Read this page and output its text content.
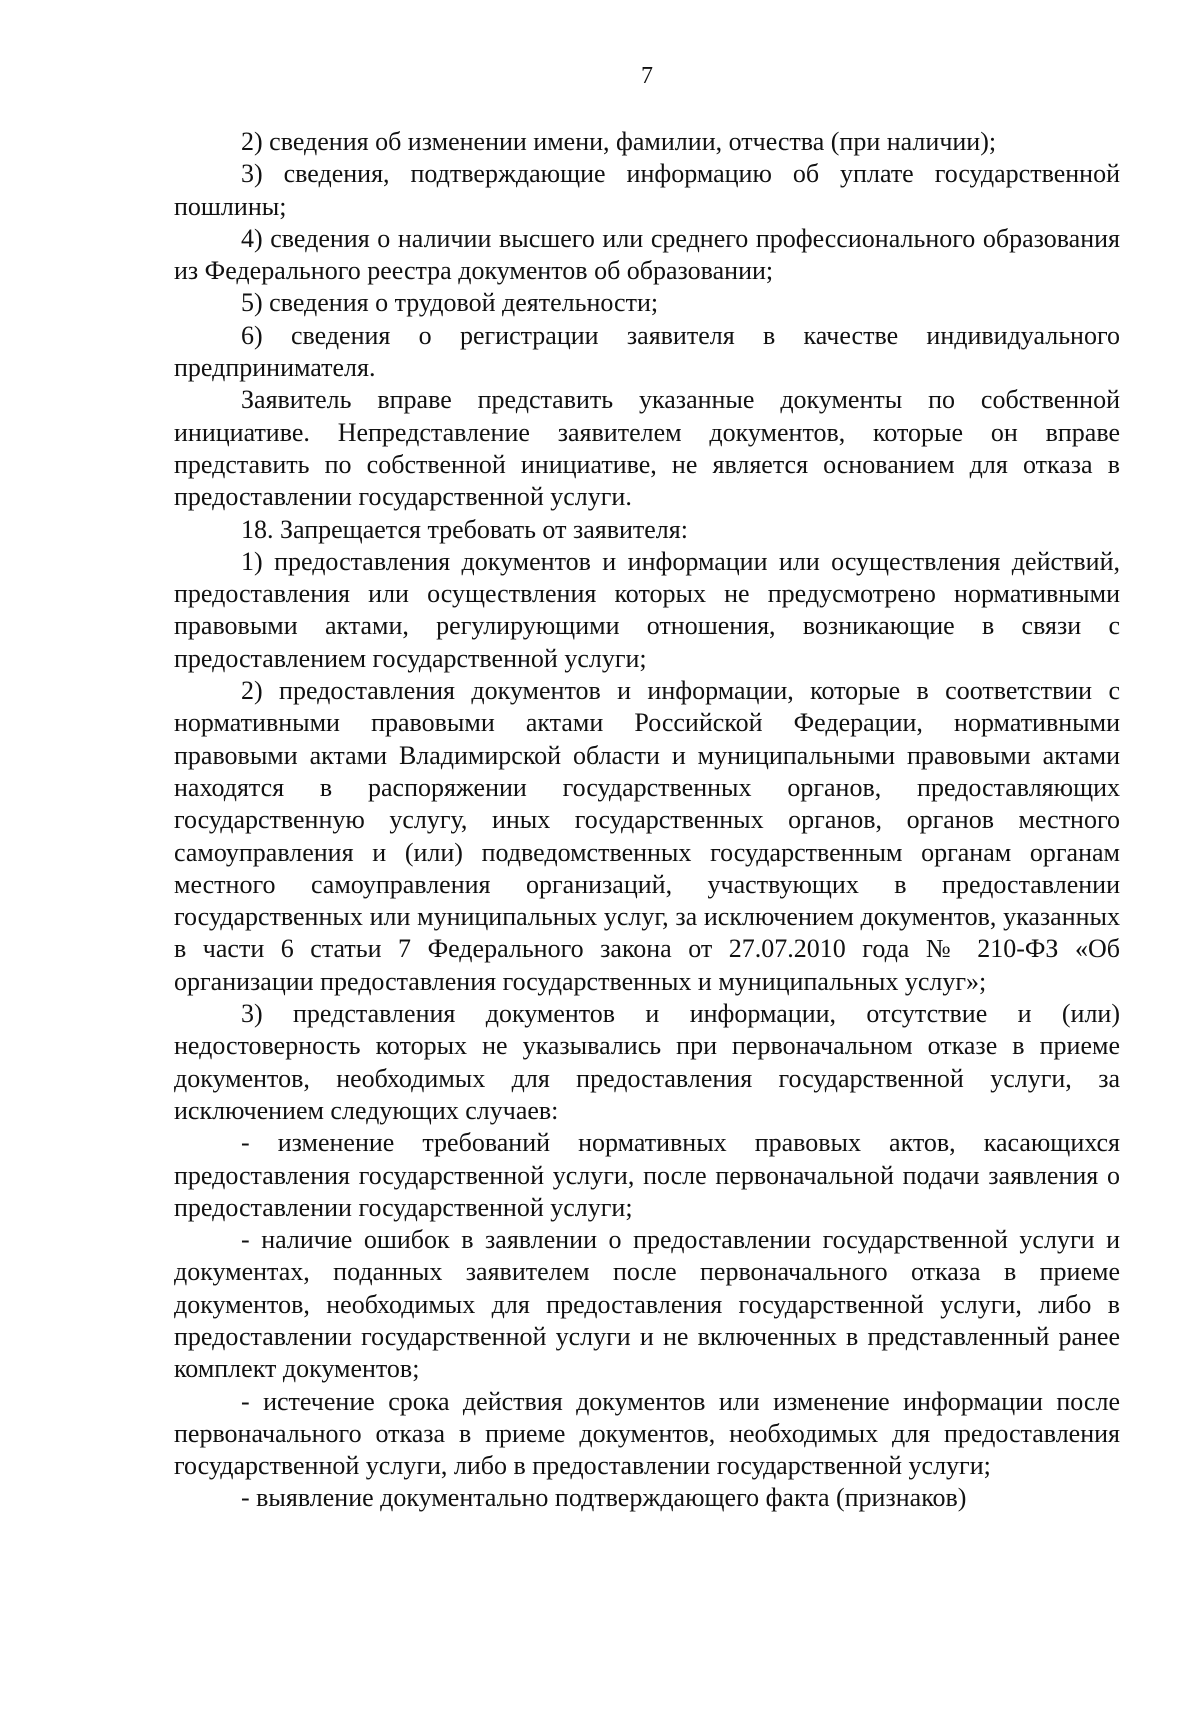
7

2) сведения об изменении имени, фамилии, отчества (при наличии);

3) сведения, подтверждающие информацию об уплате государственной пошлины;

4) сведения о наличии высшего или среднего профессионального образования из Федерального реестра документов об образовании;

5) сведения о трудовой деятельности;

6) сведения о регистрации заявителя в качестве индивидуального предпринимателя.

Заявитель вправе представить указанные документы по собственной инициативе. Непредставление заявителем документов, которые он вправе представить по собственной инициативе, не является основанием для отказа в предоставлении государственной услуги.

18. Запрещается требовать от заявителя:

1) предоставления документов и информации или осуществления действий, предоставления или осуществления которых не предусмотрено нормативными правовыми актами, регулирующими отношения, возникающие в связи с предоставлением государственной услуги;

2) предоставления документов и информации, которые в соответствии с нормативными правовыми актами Российской Федерации, нормативными правовыми актами Владимирской области и муниципальными правовыми актами находятся в распоряжении государственных органов, предоставляющих государственную услугу, иных государственных органов, органов местного самоуправления и (или) подведомственных государственным органам органам местного самоуправления организаций, участвующих в предоставлении государственных или муниципальных услуг, за исключением документов, указанных в части 6 статьи 7 Федерального закона от 27.07.2010 года № 210-ФЗ «Об организации предоставления государственных и муниципальных услуг»;

3) представления документов и информации, отсутствие и (или) недостоверность которых не указывались при первоначальном отказе в приеме документов, необходимых для предоставления государственной услуги, за исключением следующих случаев:

- изменение требований нормативных правовых актов, касающихся предоставления государственной услуги, после первоначальной подачи заявления о предоставлении государственной услуги;

- наличие ошибок в заявлении о предоставлении государственной услуги и документах, поданных заявителем после первоначального отказа в приеме документов, необходимых для предоставления государственной услуги, либо в предоставлении государственной услуги и не включенных в представленный ранее комплект документов;

- истечение срока действия документов или изменение информации после первоначального отказа в приеме документов, необходимых для предоставления государственной услуги, либо в предоставлении государственной услуги;

- выявление документально подтверждающего факта (признаков)
